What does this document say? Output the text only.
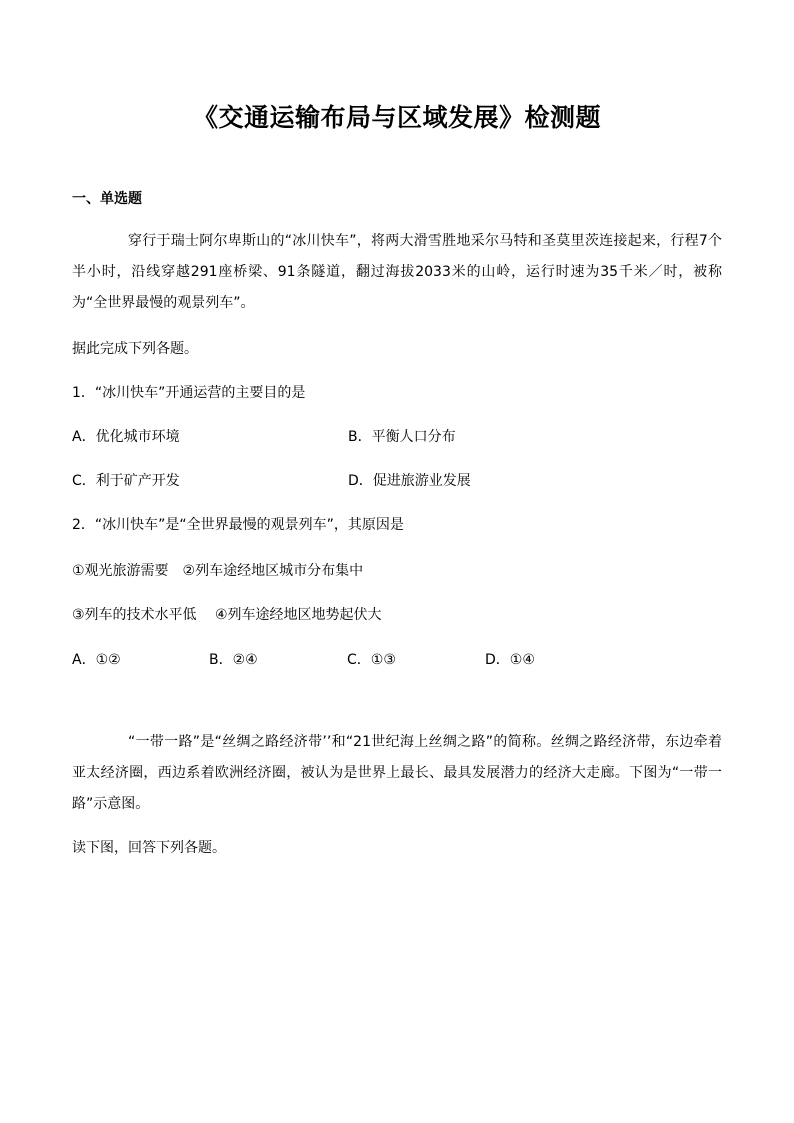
《交通运输布局与区域发展》检测题
一、单选题
穿行于瑞士阿尔卑斯山的“冰川快车”，将两大滑雪胜地采尔马特和圣莫里茨连接起来，行程7个半小时，沿线穿越291座桥梁、91条隧道，翻过海拔2033米的山岭，运行时速为35千米／时，被称为“全世界最慢的观景列车”。
据此完成下列各题。
1．“冰川快车”开通运营的主要目的是
A．优化城市环境	B．平衡人口分布
C．利于矿产开发	D．促进旅游业发展
2．“冰川快车”是“全世界最慢的观景列车”，其原因是
①观光旅游需要　②列车途经地区城市分布集中
③列车的技术水平低　 ④列车途经地区地势起伏大
A．①②	B．②④	C．①③	D．①④
“一带一路”是“丝绸之路经济带’’和“21世纪海上丝绸之路”的简称。丝绸之路经济带，东边牵着亚太经济圈，西边系着欧洲经济圈，被认为是世界上最长、最具发展潜力的经济大走廊。下图为“一带一路”示意图。
读下图，回答下列各题。
